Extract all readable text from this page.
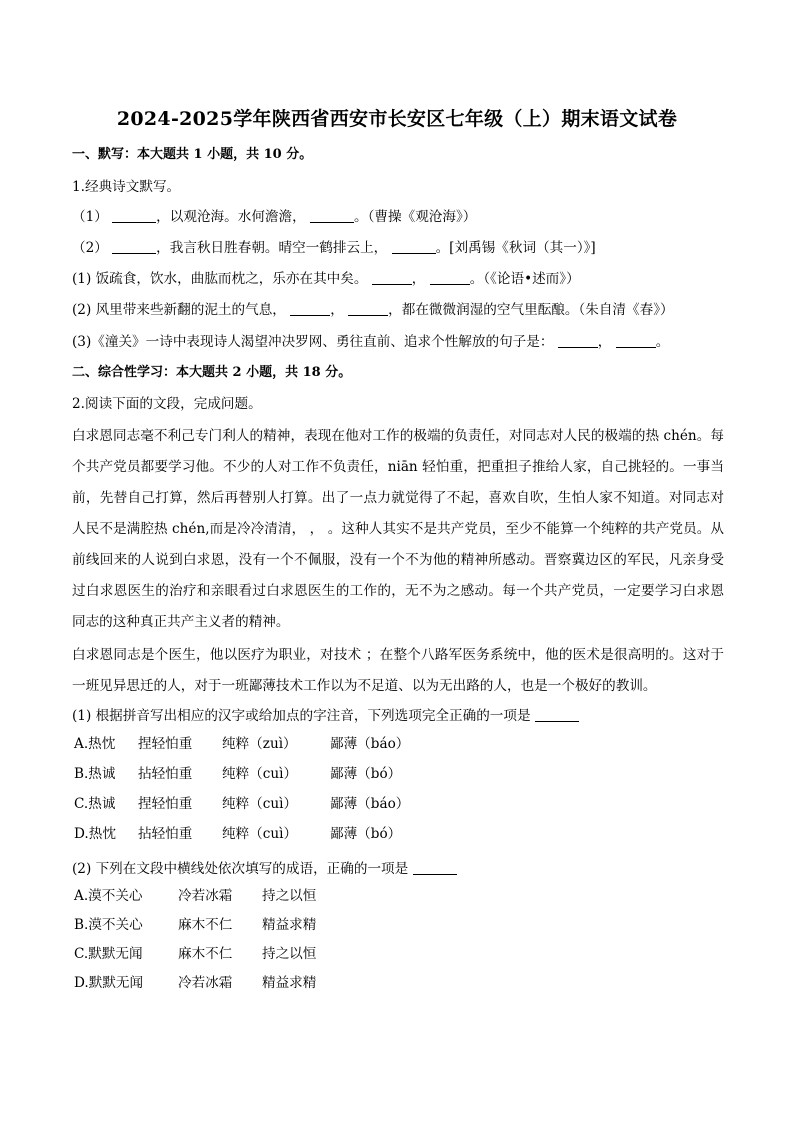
2024-2025学年陕西省西安市长安区七年级（上）期末语文试卷
一、默写：本大题共 1 小题，共 10 分。
1.经典诗文默写。
（1）	，以观沧海。水何澹澹，	。（曹操《观沧海》）
（2）	，我言秋日胜春朝。晴空一鹤排云上，	。[刘禹锡《秋词（其一）》]
(1) 饭疏食，饮水，曲肱而枕之，乐亦在其中矣。	，	。（《论语•述而》）
(2) 风里带来些新翻的泥土的气息，	，	，都在微微润湿的空气里酝酿。（朱自清《春》）
(3)《潼关》一诗中表现诗人渴望冲决罗网、勇往直前、追求个性解放的句子是：	，	。
二、综合性学习：本大题共 2 小题，共 18 分。
2.阅读下面的文段，完成问题。
白求恩同志毫不利己专门利人的精神，表现在他对工作的极端的负责任，对同志对人民的极端的热 chén。每个共产党员都要学习他。不少的人对工作不负责任，niān 轻怕重，把重担子推给人家，自己挑轻的。一事当前，先替自己打算，然后再替别人打算。出了一点力就觉得了不起，喜欢自吹，生怕人家不知道。对同志对人民不是满腔热 chén,而是冷冷清清， ， 。这种人其实不是共产党员，至少不能算一个纯粹的共产党员。从前线回来的人说到白求恩，没有一个不佩服，没有一个不为他的精神所感动。晋察冀边区的军民，凡亲身受过白求恩医生的治疗和亲眼看过白求恩医生的工作的，无不为之感动。每一个共产党员，一定要学习白求恩同志的这种真正共产主义者的精神。
白求恩同志是个医生，他以医疗为职业，对技术 ；在整个八路军医务系统中，他的医术是很高明的。这对于一班见异思迁的人，对于一班鄙薄技术工作以为不足道、以为无出路的人，也是一个极好的教训。
(1) 根据拼音写出相应的汉字或给加点的字注音，下列选项完全正确的一项是
A.热忱 捏轻怕重 纯粹（zuì） 鄙薄（báo）
B.热诚 拈轻怕重 纯粹（cuì） 鄙薄（bó）
C.热诚 捏轻怕重 纯粹（cuì） 鄙薄（báo）
D.热忱 拈轻怕重 纯粹（cuì） 鄙薄（bó）
(2) 下列在文段中横线处依次填写的成语，正确的一项是
A.漠不关心	冷若冰霜 持之以恒
B.漠不关心	麻木不仁 精益求精
C.默默无闻	麻木不仁 持之以恒
D.默默无闻	冷若冰霜 精益求精
